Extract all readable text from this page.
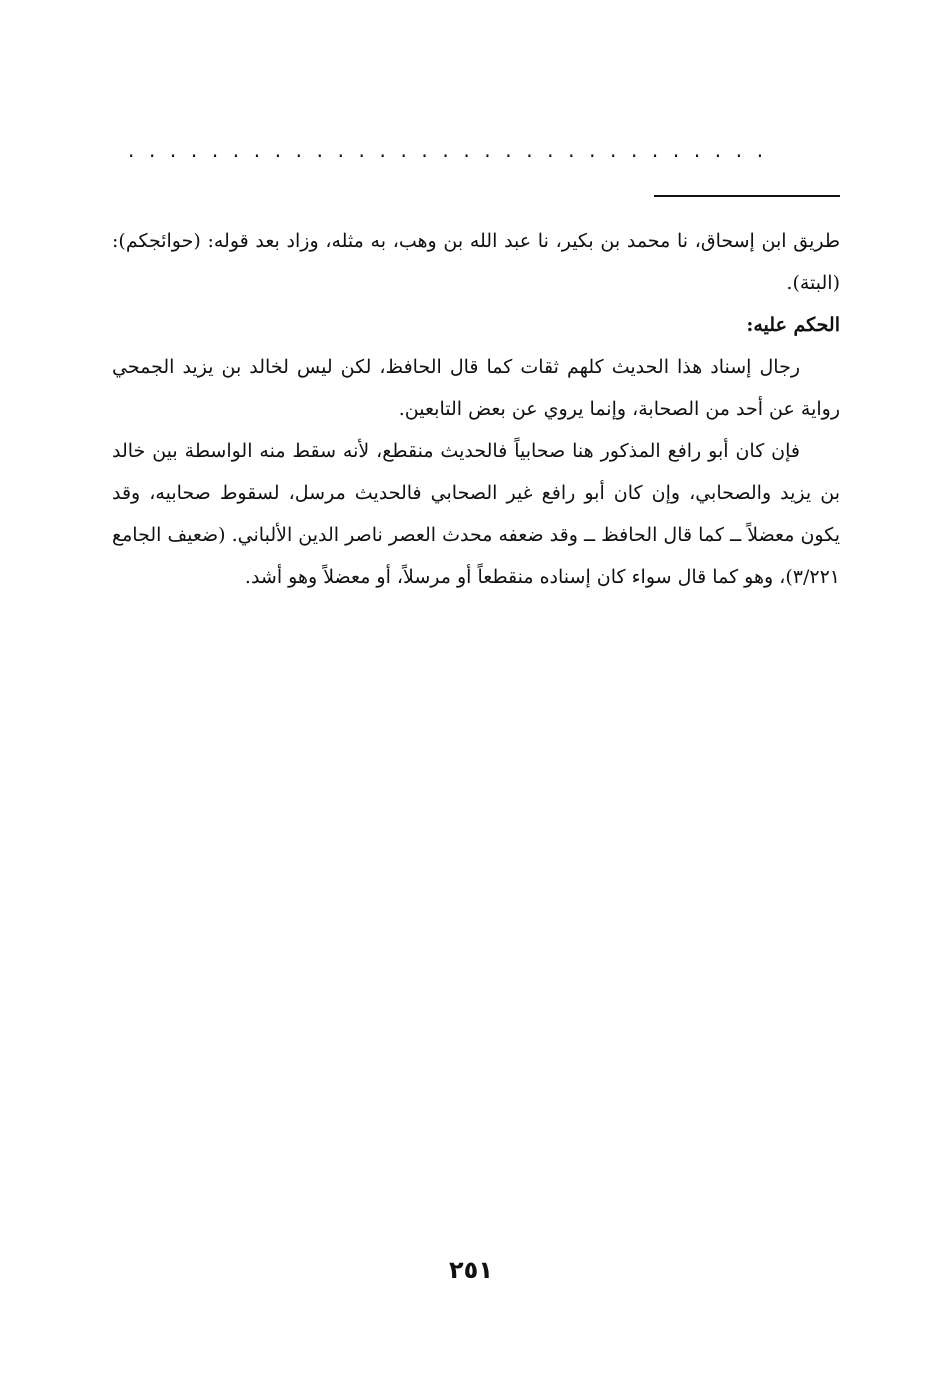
...............................

طريق ابن إسحاق، نا محمد بن بكير، نا عبد الله بن وهب، به مثله، وزاد بعد قوله: (حوائجكم): (البتة).

الحكم عليه:

رجال إسناد هذا الحديث كلهم ثقات كما قال الحافظ، لكن ليس لخالد بن يزيد الجمحي رواية عن أحد من الصحابة، وإنما يروي عن بعض التابعين.

فإن كان أبو رافع المذكور هنا صحابياً فالحديث منقطع، لأنه سقط منه الواسطة بين خالد بن يزيد والصحابي، وإن كان أبو رافع غير الصحابي فالحديث مرسل، لسقوط صحابيه، وقد يكون معضلاً ــ كما قال الحافظ ــ وقد ضعفه محدث العصر ناصر الدين الألباني. (ضعيف الجامع ٣/٢٢١)، وهو كما قال سواء كان إسناده منقطعاً أو مرسلاً، أو معضلاً وهو أشد.

٢٥١
